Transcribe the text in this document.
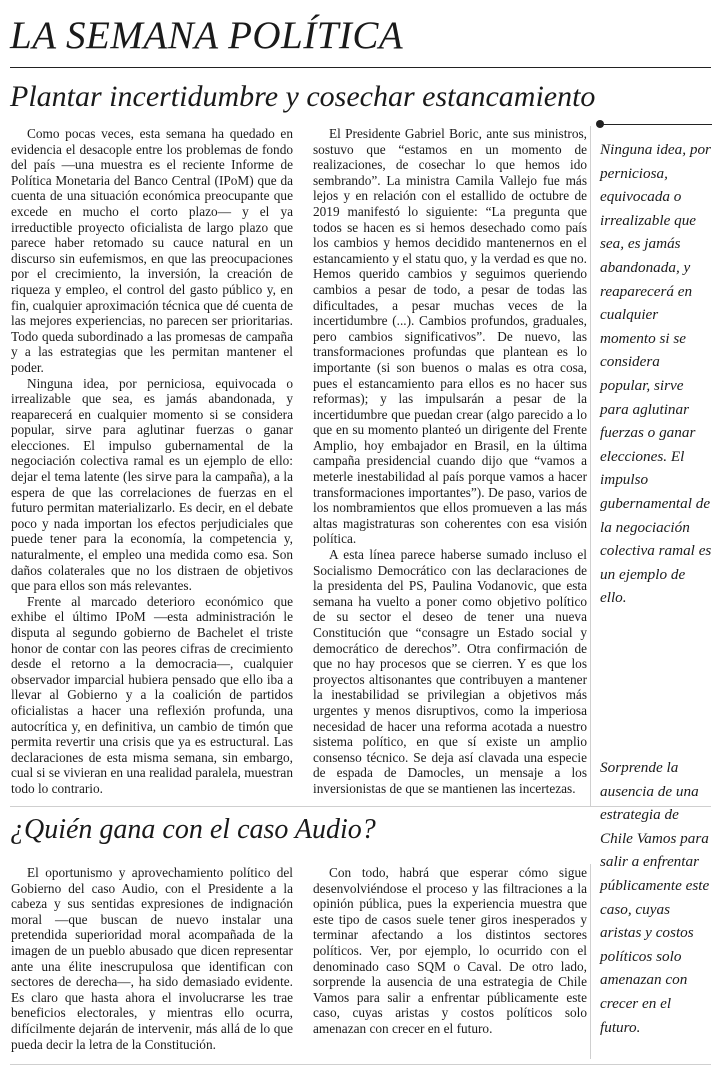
LA SEMANA POLÍTICA
Plantar incertidumbre y cosechar estancamiento

Como pocas veces, esta semana ha quedado en evidencia el desacople entre los problemas de fondo del país —una muestra es el reciente Informe de Política Monetaria del Banco Central (IPoM) que da cuenta de una situación económica preocupante que excede en mucho el corto plazo— y el ya irreductible proyecto oficialista de largo plazo que parece haber retomado su cauce natural en un discurso sin eufemismos, en que las preocupaciones por el crecimiento, la inversión, la creación de riqueza y empleo, el control del gasto público y, en fin, cualquier aproximación técnica que dé cuenta de las mejores experiencias, no parecen ser prioritarias. Todo queda subordinado a las promesas de campaña y a las estrategias que les permitan mantener el poder.

Ninguna idea, por perniciosa, equivocada o irrealizable que sea, es jamás abandonada, y reaparecerá en cualquier momento si se considera popular, sirve para aglutinar fuerzas o ganar elecciones. El impulso gubernamental de la negociación colectiva ramal es un ejemplo de ello: dejar el tema latente (les sirve para la campaña), a la espera de que las correlaciones de fuerzas en el futuro permitan materializarlo. Es decir, en el debate poco y nada importan los efectos perjudiciales que puede tener para la economía, la competencia y, naturalmente, el empleo una medida como esa. Son daños colaterales que no los distraen de objetivos que para ellos son más relevantes.

Frente al marcado deterioro económico que exhibe el último IPoM —esta administración le disputa al segundo gobierno de Bachelet el triste honor de contar con las peores cifras de crecimiento desde el retorno a la democracia—, cualquier observador imparcial hubiera pensado que ello iba a llevar al Gobierno y a la coalición de partidos oficialistas a hacer una reflexión profunda, una autocrítica y, en definitiva, un cambio de timón que permita revertir una crisis que ya es estructural. Las declaraciones de esta misma semana, sin embargo, cual si se vivieran en una realidad paralela, muestran todo lo contrario.

El Presidente Gabriel Boric, ante sus ministros, sostuvo que “estamos en un momento de realizaciones, de cosechar lo que hemos ido sembrando”. La ministra Camila Vallejo fue más lejos y en relación con el estallido de octubre de 2019 manifestó lo siguiente: “La pregunta que todos se hacen es si hemos desechado como país los cambios y hemos decidido mantenernos en el estancamiento y el statu quo, y la verdad es que no. Hemos querido cambios y seguimos queriendo cambios a pesar de todo, a pesar de todas las dificultades, a pesar muchas veces de la incertidumbre (...). Cambios profundos, graduales, pero cambios significativos”. De nuevo, las transformaciones profundas que plantean es lo importante (si son buenos o malas es otra cosa, pues el estancamiento para ellos es no hacer sus reformas); y las impulsarán a pesar de la incertidumbre que puedan crear (algo parecido a lo que en su momento planteó un dirigente del Frente Amplio, hoy embajador en Brasil, en la última campaña presidencial cuando dijo que “vamos a meterle inestabilidad al país porque vamos a hacer transformaciones importantes”). De paso, varios de los nombramientos que ellos promueven a las más altas magistraturas son coherentes con esa visión política.

A esta línea parece haberse sumado incluso el Socialismo Democrático con las declaraciones de la presidenta del PS, Paulina Vodanovic, que esta semana ha vuelto a poner como objetivo político de su sector el deseo de tener una nueva Constitución que “consagre un Estado social y democrático de derechos”. Otra confirmación de que no hay procesos que se cierren. Y es que los proyectos altisonantes que contribuyen a mantener la inestabilidad se privilegian a objetivos más urgentes y menos disruptivos, como la imperiosa necesidad de hacer una reforma acotada a nuestro sistema político, en que sí existe un amplio consenso técnico. Se deja así clavada una especie de espada de Damocles, un mensaje a los inversionistas de que se mantienen las incertezas.

Ninguna idea, por perniciosa, equivocada o irrealizable que sea, es jamás abandonada, y reaparecerá en cualquier momento si se considera popular, sirve para aglutinar fuerzas o ganar elecciones. El impulso gubernamental de la negociación colectiva ramal es un ejemplo de ello.
¿Quién gana con el caso Audio?

El oportunismo y aprovechamiento político del Gobierno del caso Audio, con el Presidente a la cabeza y sus sentidas expresiones de indignación moral —que buscan de nuevo instalar una pretendida superioridad moral acompañada de la imagen de un pueblo abusado que dicen representar ante una élite inescrupulosa que identifican con sectores de derecha—, ha sido demasiado evidente. Es claro que hasta ahora el involucrarse les trae beneficios electorales, y mientras ello ocurra, difícilmente dejarán de intervenir, más allá de lo que pueda decir la letra de la Constitución.

Con todo, habrá que esperar cómo sigue desenvolviéndose el proceso y las filtraciones a la opinión pública, pues la experiencia muestra que este tipo de casos suele tener giros inesperados y terminar afectando a los distintos sectores políticos. Ver, por ejemplo, lo ocurrido con el denominado caso SQM o Caval. De otro lado, sorprende la ausencia de una estrategia de Chile Vamos para salir a enfrentar públicamente este caso, cuyas aristas y costos políticos solo amenazan con crecer en el futuro.

Sorprende la ausencia de una estrategia de Chile Vamos para salir a enfrentar públicamente este caso, cuyas aristas y costos políticos solo amenazan con crecer en el futuro.
